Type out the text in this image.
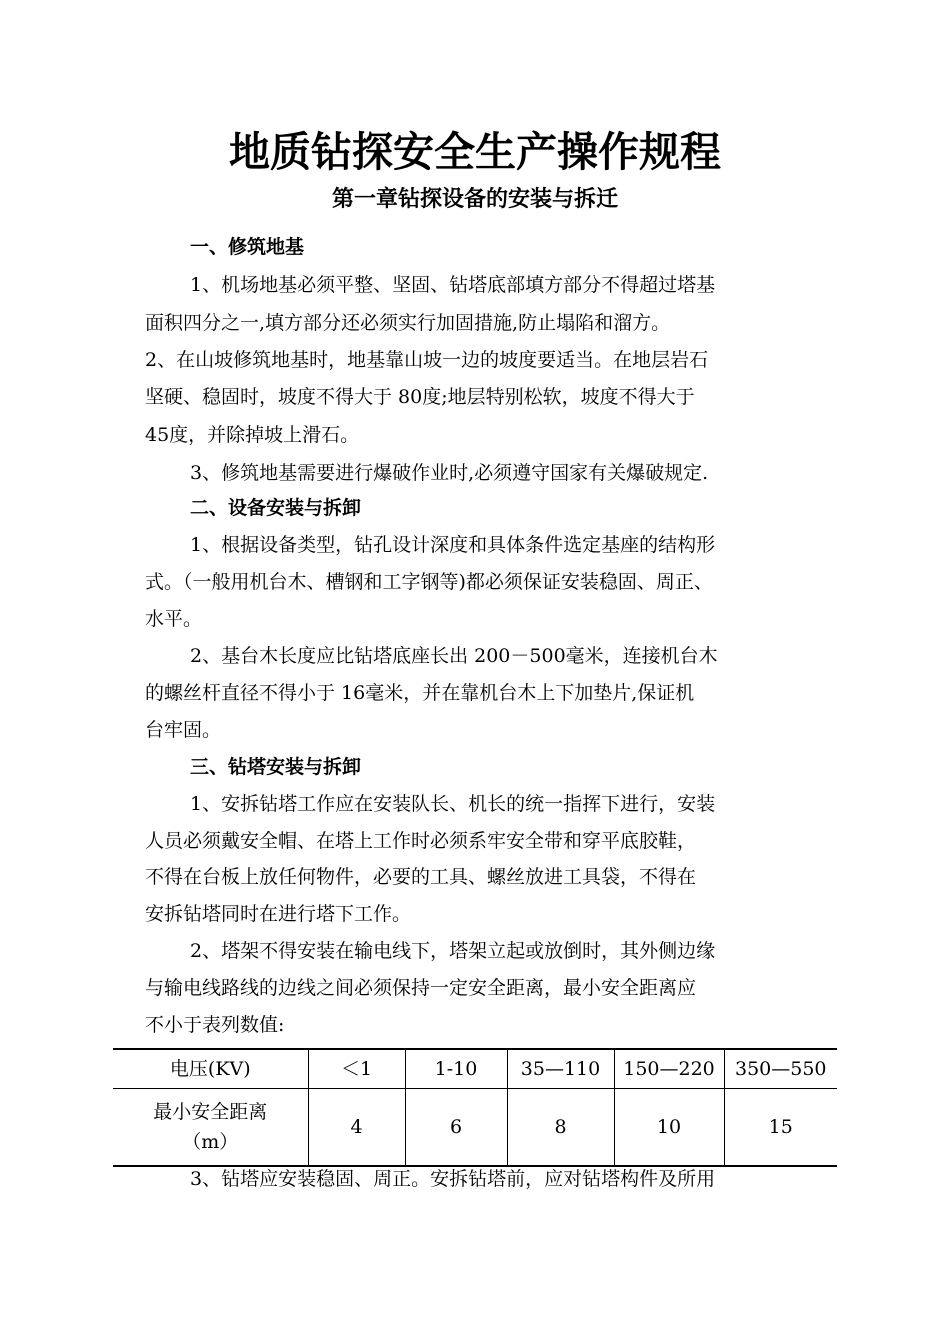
地质钻探安全生产操作规程
第一章钻探设备的安装与拆迁
一、修筑地基
1、机场地基必须平整、坚固、钻塔底部填方部分不得超过塔基
面积四分之一,填方部分还必须实行加固措施,防止塌陷和溜方。
2、在山坡修筑地基时，地基靠山坡一边的坡度要适当。在地层岩石
坚硬、稳固时，坡度不得大于 80度;地层特别松软，坡度不得大于
45度，并除掉坡上滑石。
3、修筑地基需要进行爆破作业时,必须遵守国家有关爆破规定.
二、设备安装与拆卸
1、根据设备类型，钻孔设计深度和具体条件选定基座的结构形
式。（一般用机台木、槽钢和工字钢等)都必须保证安装稳固、周正、
水平。
2、基台木长度应比钻塔底座长出 200－500毫米，连接机台木
的螺丝杆直径不得小于 16毫米，并在靠机台木上下加垫片,保证机
台牢固。
三、钻塔安装与拆卸
1、安拆钻塔工作应在安装队长、机长的统一指挥下进行，安装
人员必须戴安全帽、在塔上工作时必须系牢安全带和穿平底胶鞋，
不得在台板上放任何物件，必要的工具、螺丝放进工具袋，不得在
安拆钻塔同时在进行塔下工作。
2、塔架不得安装在输电线下，塔架立起或放倒时，其外侧边缘
与输电线路线的边线之间必须保持一定安全距离，最小安全距离应
不小于表列数值:
电压(KV)	＜1	1-10	35—110	150—220	350—550

最小安全距离
（m）	4	6	8	10	15
3、钻塔应安装稳固、周正。安拆钻塔前，应对钻塔构件及所用
